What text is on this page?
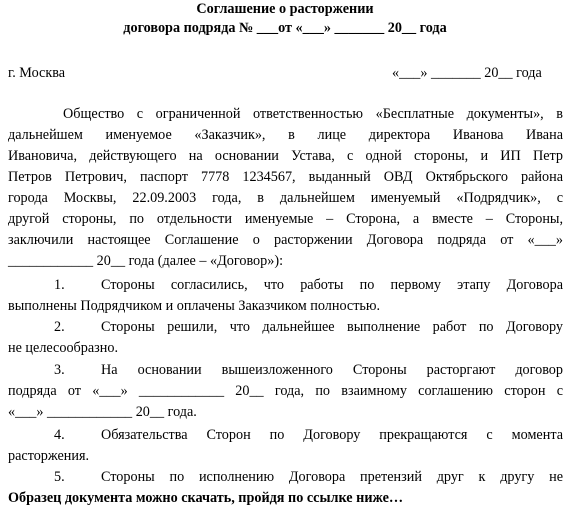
Соглашение о расторжении
договора подряда № ___от «___» _______ 20__ года
г. Москва	«___» _______ 20__ года
Общество с ограниченной ответственностью «Бесплатные документы», в
дальнейшем именуемое «Заказчик», в лице директора Иванова Ивана
Ивановича, действующего на основании Устава, с одной стороны, и ИП Петр
Петров Петрович, паспорт 7778 1234567, выданный ОВД Октябрьского района
города Москвы, 22.09.2003 года, в дальнейшем именуемый «Подрядчик», с
другой стороны, по отдельности именуемые – Сторона, а вместе – Стороны,
заключили настоящее Соглашение о расторжении Договора подряда от «___»
____________ 20__ года (далее – «Договор»):
1.	Стороны согласились, что работы по первому этапу Договора
выполнены Подрядчиком и оплачены Заказчиком полностью.
2.	Стороны решили, что дальнейшее выполнение работ по Договору
не целесообразно.
3.	На основании вышеизложенного Стороны расторгают договор
подряда от «___» ____________ 20__ года, по взаимному соглашению сторон с
«___» ____________ 20__ года.
4.	Обязательства Сторон по Договору прекращаются с момента
расторжения.
5.	Стороны по исполнению Договора претензий друг к другу не
Образец документа можно скачать, пройдя по ссылке ниже…
